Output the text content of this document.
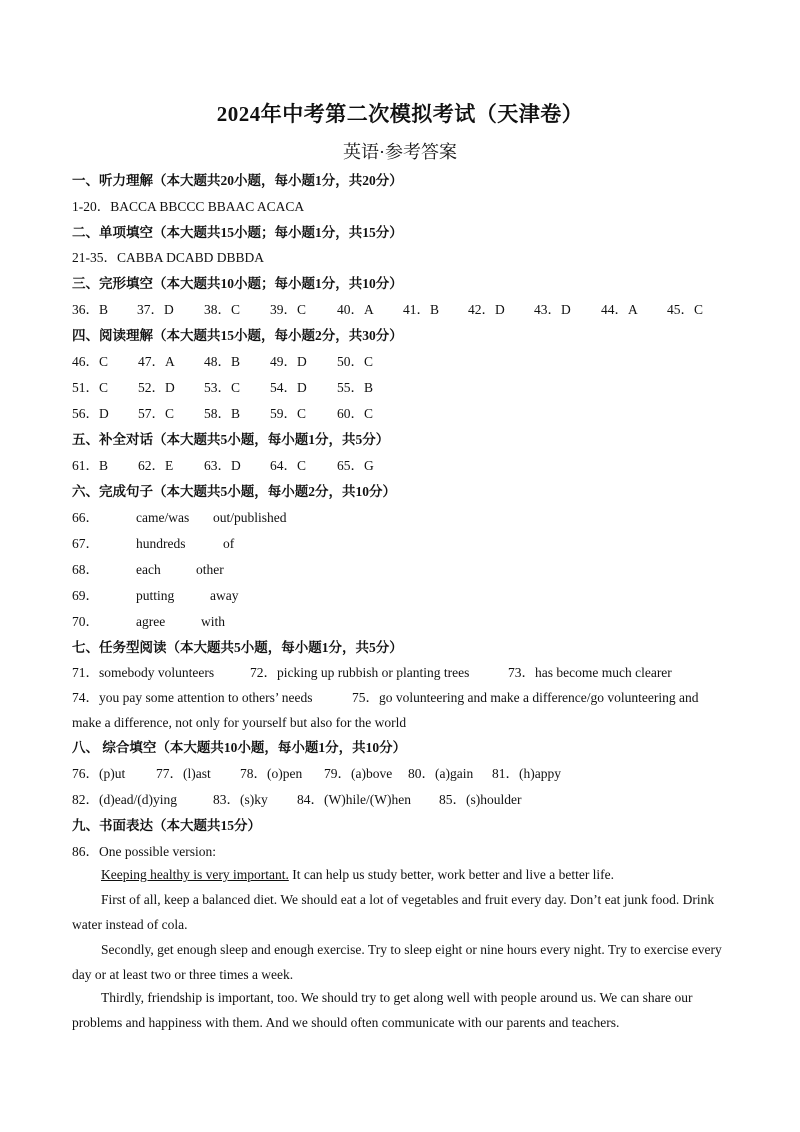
2024年中考第二次模拟考试（天津卷）
英语·参考答案
一、听力理解（本大题共20小题，每小题1分，共20分）
1-20．BACCA BBCCC BBAAC ACACA
二、单项填空（本大题共15小题；每小题1分，共15分）
21-35．CABBA DCABD DBBDA
三、完形填空（本大题共10小题；每小题1分，共10分）
36．B 37．D 38．C 39．C 40．A 41．B 42．D 43．D 44．A 45．C
四、阅读理解（本大题共15小题，每小题2分，共30分）
46．C 47．A 48．B 49．D 50．C
51．C 52．D 53．C 54．D 55．B
56．D 57．C 58．B 59．C 60．C
五、补全对话（本大题共5小题，每小题1分，共5分）
61．B 62．E 63．D 64．C 65．G
六、完成句子（本大题共5小题，每小题2分，共10分）
66．	came/was out/published
67．	hundreds	of
68．	each	other
69．	putting	away
70．	agree	with
七、任务型阅读（本大题共5小题，每小题1分，共5分）
71．somebody volunteers	72．picking up rubbish or planting trees	73．has become much clearer
74．you pay some attention to others’ needs	75．go volunteering and make a difference/go volunteering and
make a difference, not only for yourself but also for the world
八、 综合填空（本大题共10小题，每小题1分，共10分）
76．(p)ut 77．(l)ast 78．(o)pen 79．(a)bove 80．(a)gain 81．(h)appy
82．(d)ead/(d)ying	83．(s)ky 84．(W)hile/(W)hen 85．(s)houlder
九、书面表达（本大题共15分）
86．One possible version:
Keeping healthy is very important. It can help us study better, work better and live a better life.
First of all, keep a balanced diet. We should eat a lot of vegetables and fruit every day. Don’t eat junk food. Drink water instead of cola.
Secondly, get enough sleep and enough exercise. Try to sleep eight or nine hours every night. Try to exercise every day or at least two or three times a week.
Thirdly, friendship is important, too. We should try to get along well with people around us. We can share our problems and happiness with them. And we should often communicate with our parents and teachers.
